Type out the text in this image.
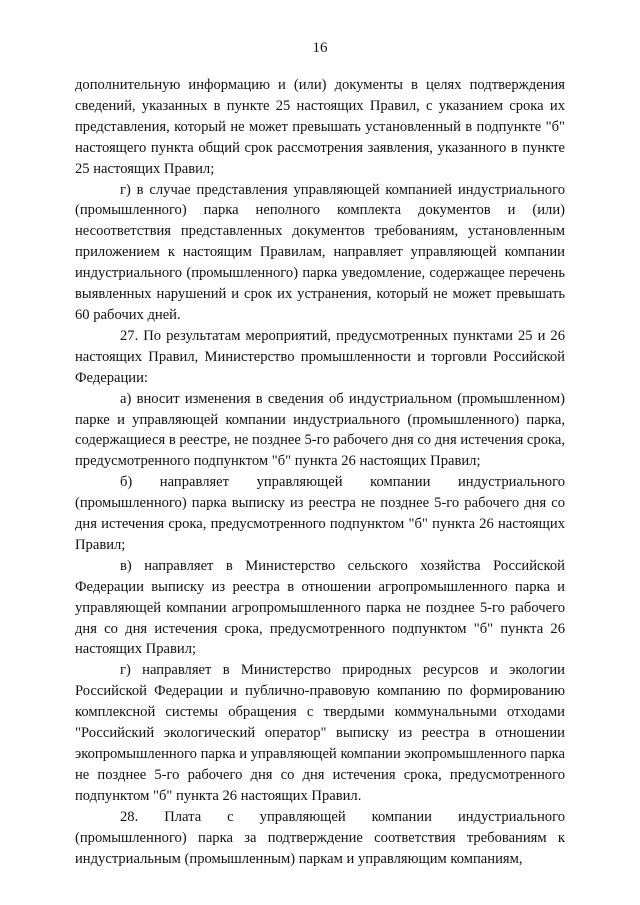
16

дополнительную информацию и (или) документы в целях подтверждения сведений, указанных в пункте 25 настоящих Правил, с указанием срока их представления, который не может превышать установленный в подпункте "б" настоящего пункта общий срок рассмотрения заявления, указанного в пункте 25 настоящих Правил;

г) в случае представления управляющей компанией индустриального (промышленного) парка неполного комплекта документов и (или) несоответствия представленных документов требованиям, установленным приложением к настоящим Правилам, направляет управляющей компании индустриального (промышленного) парка уведомление, содержащее перечень выявленных нарушений и срок их устранения, который не может превышать 60 рабочих дней.

27. По результатам мероприятий, предусмотренных пунктами 25 и 26 настоящих Правил, Министерство промышленности и торговли Российской Федерации:

а) вносит изменения в сведения об индустриальном (промышленном) парке и управляющей компании индустриального (промышленного) парка, содержащиеся в реестре, не позднее 5-го рабочего дня со дня истечения срока, предусмотренного подпунктом "б" пункта 26 настоящих Правил;

б) направляет управляющей компании индустриального (промышленного) парка выписку из реестра не позднее 5-го рабочего дня со дня истечения срока, предусмотренного подпунктом "б" пункта 26 настоящих Правил;

в) направляет в Министерство сельского хозяйства Российской Федерации выписку из реестра в отношении агропромышленного парка и управляющей компании агропромышленного парка не позднее 5-го рабочего дня со дня истечения срока, предусмотренного подпунктом "б" пункта 26 настоящих Правил;

г) направляет в Министерство природных ресурсов и экологии Российской Федерации и публично-правовую компанию по формированию комплексной системы обращения с твердыми коммунальными отходами "Российский экологический оператор" выписку из реестра в отношении экопромышленного парка и управляющей компании экопромышленного парка не позднее 5-го рабочего дня со дня истечения срока, предусмотренного подпунктом "б" пункта 26 настоящих Правил.

28. Плата с управляющей компании индустриального (промышленного) парка за подтверждение соответствия требованиям к индустриальным (промышленным) паркам и управляющим компаниям,
